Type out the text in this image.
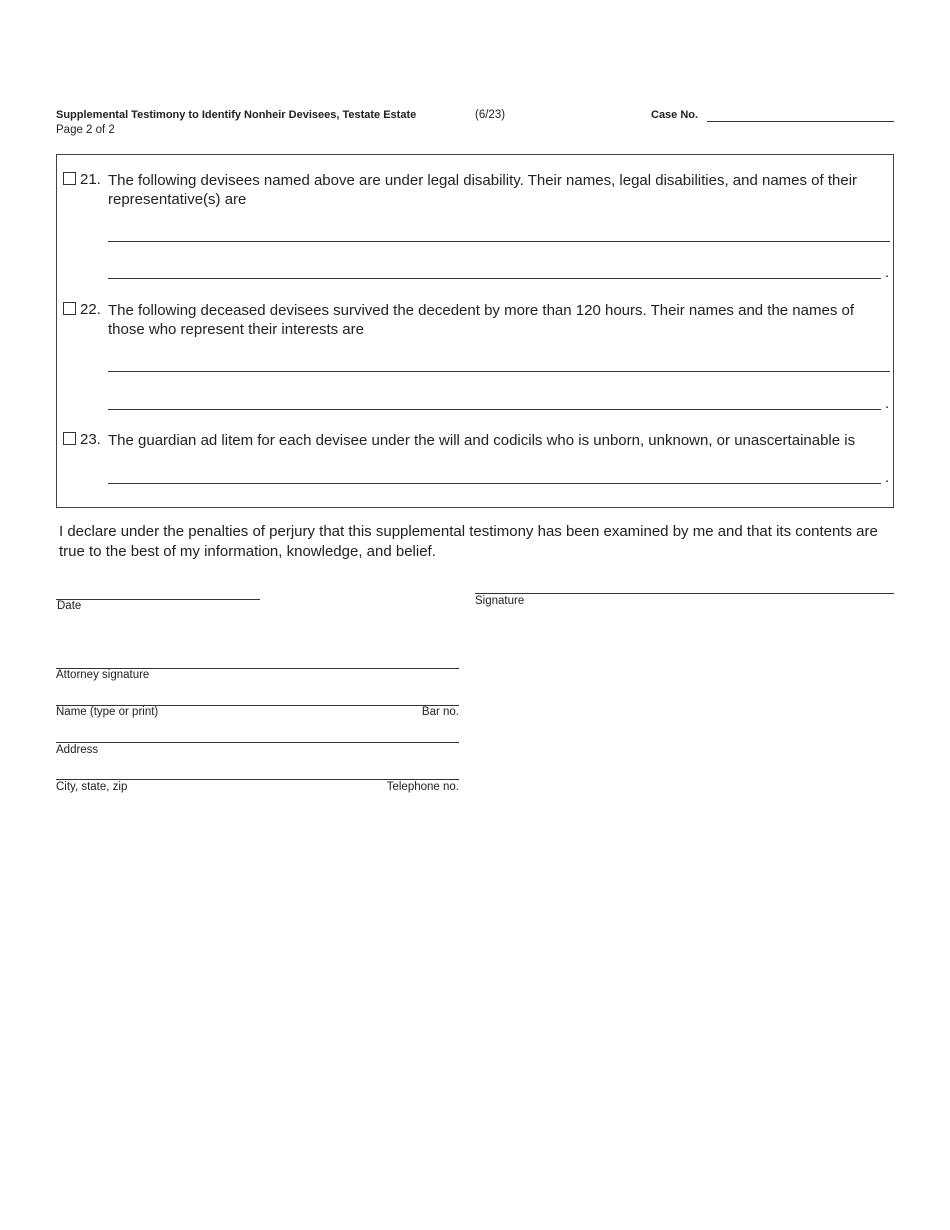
Supplemental Testimony to Identify Nonheir Devisees, Testate Estate	(6/23)
Page 2 of 2
Case No.
21. The following devisees named above are under legal disability. Their names, legal disabilities, and names of their representative(s) are
.
22. The following deceased devisees survived the decedent by more than 120 hours. Their names and the names of those who represent their interests are
.
23. The guardian ad litem for each devisee under the will and codicils who is unborn, unknown, or unascertainable is
.
I declare under the penalties of perjury that this supplemental testimony has been examined by me and that its contents are true to the best of my information, knowledge, and belief.
Date	Signature
Attorney signature
Name (type or print)	Bar no.
Address
City, state, zip	Telephone no.
